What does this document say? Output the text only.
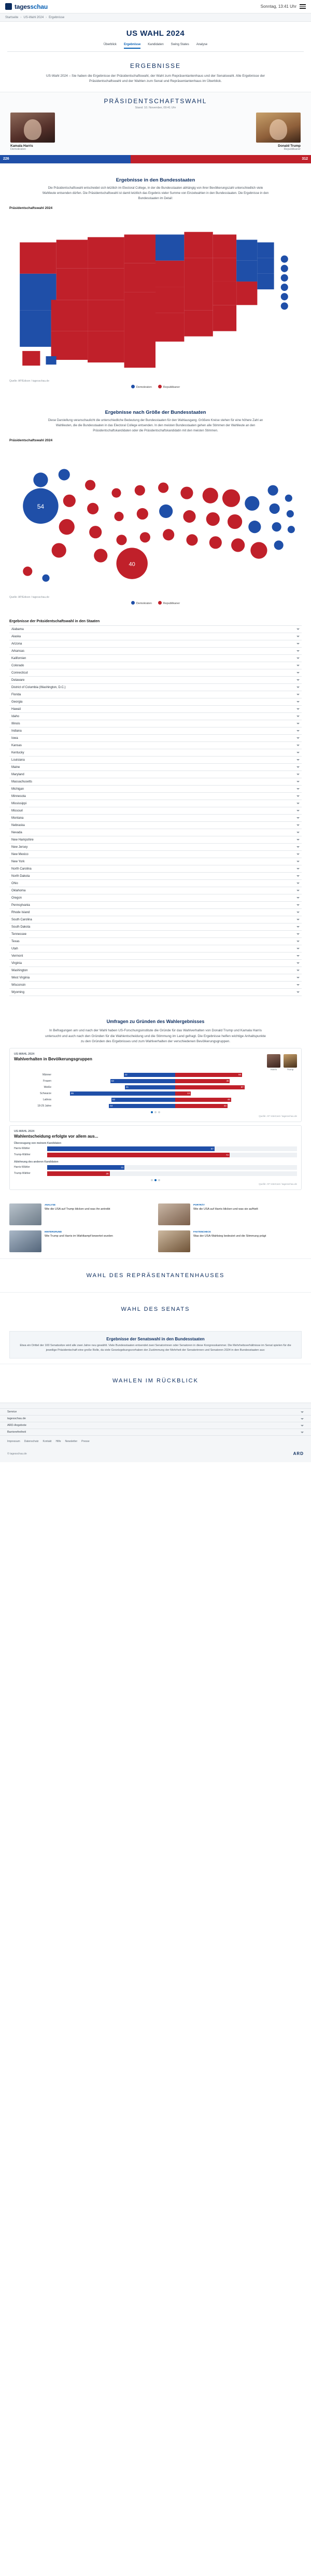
tagesschau	Sonntag, 13:41 Uhr
Startseite › US-Wahl 2024 › Ergebnisse
US WAHL 2024
Überblick Ergebnisse Kandidaten Swing States Analyse
ERGEBNISSE
US-Wahl 2024 – Sie haben die Ergebnisse der Präsidentschaftswahl, der Wahl zum Repräsentantenhaus und der Senatswahl. Alle Ergebnisse der Präsidentschaftswahl und der Wahlen zum Senat und Repräsentantenhaus im Überblick.
PRÄSIDENTSCHAFTSWAHL
Stand: 10. November, 09:41 Uhr
Kamala Harris
Demokraten
Donald Trump
Republikaner
226	312
Ergebnisse in den Bundesstaaten
Die Präsidentschaftswahl entscheidet sich letztlich im Electoral College, in der die Bundesstaaten abhängig von ihrer Bevölkerungszahl unterschiedlich viele Wahlleute entsenden dürfen. Die Präsidentschaftswahl ist damit letztlich das Ergebnis vieler Summe von Einzelwahlen in den Bundesstaaten. Die Ergebnisse in den Bundesstaaten im Detail:
Präsidentschaftswahl 2024
Quelle: AP/Edison / tagesschau.de
Demokraten	Republikaner
Ergebnisse nach Größe der Bundesstaaten
Diese Darstellung veranschaulicht die unterschiedliche Bedeutung der Bundesstaaten für den Wahlausgang. Größere Kreise stehen für eine höhere Zahl an Wahlleuten, die die Bundesstaaten in das Electoral College entsenden. In den meisten Bundesstaaten gehen alle Stimmen der Wahlleute an den Präsidentschaftskandidaten oder die Präsidentschaftskandidatin mit den meisten Stimmen.
Präsidentschaftswahl 2024
54
40
Quelle: AP/Edison / tagesschau.de
Demokraten	Republikaner
Ergebnisse der Präsidentschaftswahl in den Staaten
Alabama
Alaska
Arizona
Arkansas
Kalifornien
Colorado
Connecticut
Delaware
District of Columbia (Washington, D.C.)
Florida
Georgia
Hawaii
Idaho
Illinois
Indiana
Iowa
Kansas
Kentucky
Louisiana
Maine
Maryland
Massachusetts
Michigan
Minnesota
Mississippi
Missouri
Montana
Nebraska
Nevada
New Hampshire
New Jersey
New Mexico
New York
North Carolina
North Dakota
Ohio
Oklahoma
Oregon
Pennsylvania
Rhode Island
South Carolina
South Dakota
Tennessee
Texas
Utah
Vermont
Virginia
Washington
West Virginia
Wisconsin
Wyoming
Umfragen zu Gründen des Wahlergebnisses
In Befragungen am und nach der Wahl haben US-Forschungsinstitute die Gründe für das Wahlverhalten von Donald Trump und Kamala Harris untersucht und auch nach den Gründen für die Wahlentscheidung und die Stimmung im Land gefragt. Die Ergebnisse helfen wichtige Anhaltspunkte zu den Gründen des Ergebnisses und zum Wahlverhalten der verschiedenen Bevölkerungsgruppen.
US-WAHL 2024
Wahlverhalten in Bevölkerungsgruppen
Harris	Trump
Männer	42	55
Frauen	53	45
Weiße	41	57
Schwarze	86	13
Latinos	52	46
18-29 Jahre	54	43
Quelle: AP VoteCast / tagesschau.de
US-WAHL 2024
Wahlentscheidung erfolgte vor allem aus...
Überzeugung von meinem Kandidaten
Harris-Wähler	67
Trump-Wähler	73
Ablehnung des anderen Kandidaten
Harris-Wähler	31
Trump-Wähler	25
Quelle: AP VoteCast / tagesschau.de
ANALYSE
Wie die USA auf Trump blicken und was ihn antreibt
PORTRÄT
Wie die USA auf Harris blicken und was sie aufhielt
HINTERGRUND
Wie Trump und Harris im Wahlkampf bewertet wurden
FAKTENCHECK
Was der USA-Wahlsieg bedeutet und die Stimmung prägt
WAHL DES REPRÄSENTANTENHAUSES
WAHL DES SENATS
Ergebnisse der Senatswahl in den Bundesstaaten

Etwa ein Drittel der 100 Senatssitze wird alle zwei Jahre neu gewählt. Viele Bundesstaaten entsendet zwei Senatorinnen oder Senatoren in diese Kongresskammer. Die Mehrheitsverhältnisse im Senat spielen für die jeweilige Präsidentschaft eine große Rolle, da viele Gesetzgebungsvorhaben der Zustimmung der Mehrheit der Senatorinnen und Senatoren 2024 in den Bundesstaaten aus:

WAHLEN IM RÜCKBLICK
Service
tagesschau.de
ARD-Angebote
Barrierefreiheit
Impressum Datenschutz Kontakt Hilfe Newsletter Presse
© tagesschau.de	ARD
